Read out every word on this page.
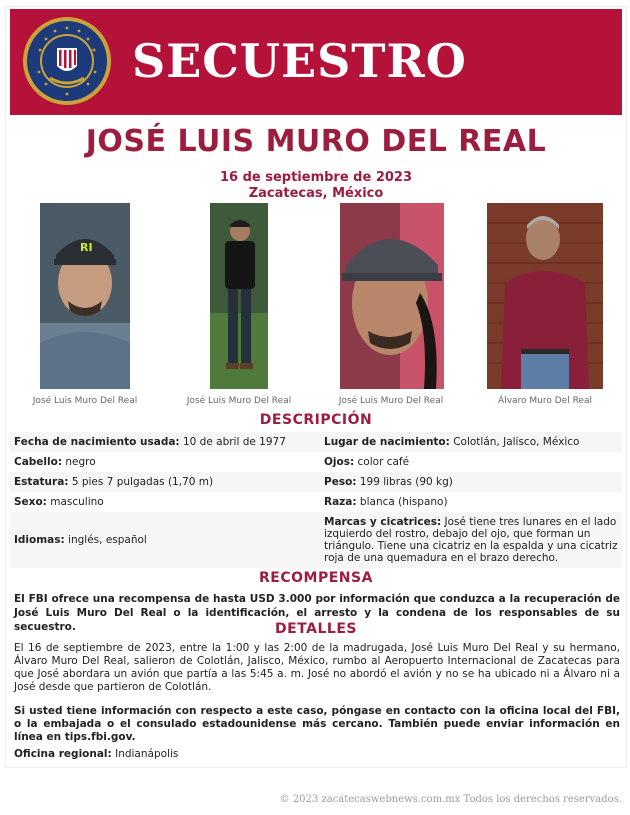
SECUESTRO
JOSÉ LUIS MURO DEL REAL
16 de septiembre de 2023
Zacatecas, México
RI
José Luis Muro Del Real	José Luis Muro Del Real	José Luis Muro Del Real	Álvaro Muro Del Real
DESCRIPCIÓN
Fecha de nacimiento usada: 10 de abril de 1977	Lugar de nacimiento: Colotlán, Jalisco, México
Cabello: negro	Ojos: color café
Estatura: 5 pies 7 pulgadas (1,70 m)	Peso: 199 libras (90 kg)
Sexo: masculino	Raza: blanca (hispano)
Idiomas: inglés, español	Marcas y cicatrices: José tiene tres lunares en el lado izquierdo del rostro, debajo del ojo, que forman un triángulo. Tiene una cicatriz en la espalda y una cicatriz roja de una quemadura en el brazo derecho.
RECOMPENSA
El FBI ofrece una recompensa de hasta USD 3.000 por información que conduzca a la recuperación de José Luis Muro Del Real o la identificación, el arresto y la condena de los responsables de su secuestro.	DETALLES
El 16 de septiembre de 2023, entre la 1:00 y las 2:00 de la madrugada, José Luis Muro Del Real y su hermano, Álvaro Muro Del Real, salieron de Colotlán, Jalisco, México, rumbo al Aeropuerto Internacional de Zacatecas para que José abordara un avión que partía a las 5:45 a. m. José no abordó el avión y no se ha ubicado ni a Álvaro ni a José desde que partieron de Colotlán.
Si usted tiene información con respecto a este caso, póngase en contacto con la oficina local del FBI, o la embajada o el consulado estadounidense más cercano. También puede enviar información en línea en tips.fbi.gov.
Oficina regional: Indianápolis
© 2023 zacatecaswebnews.com.mx Todos los derechos reservados.
